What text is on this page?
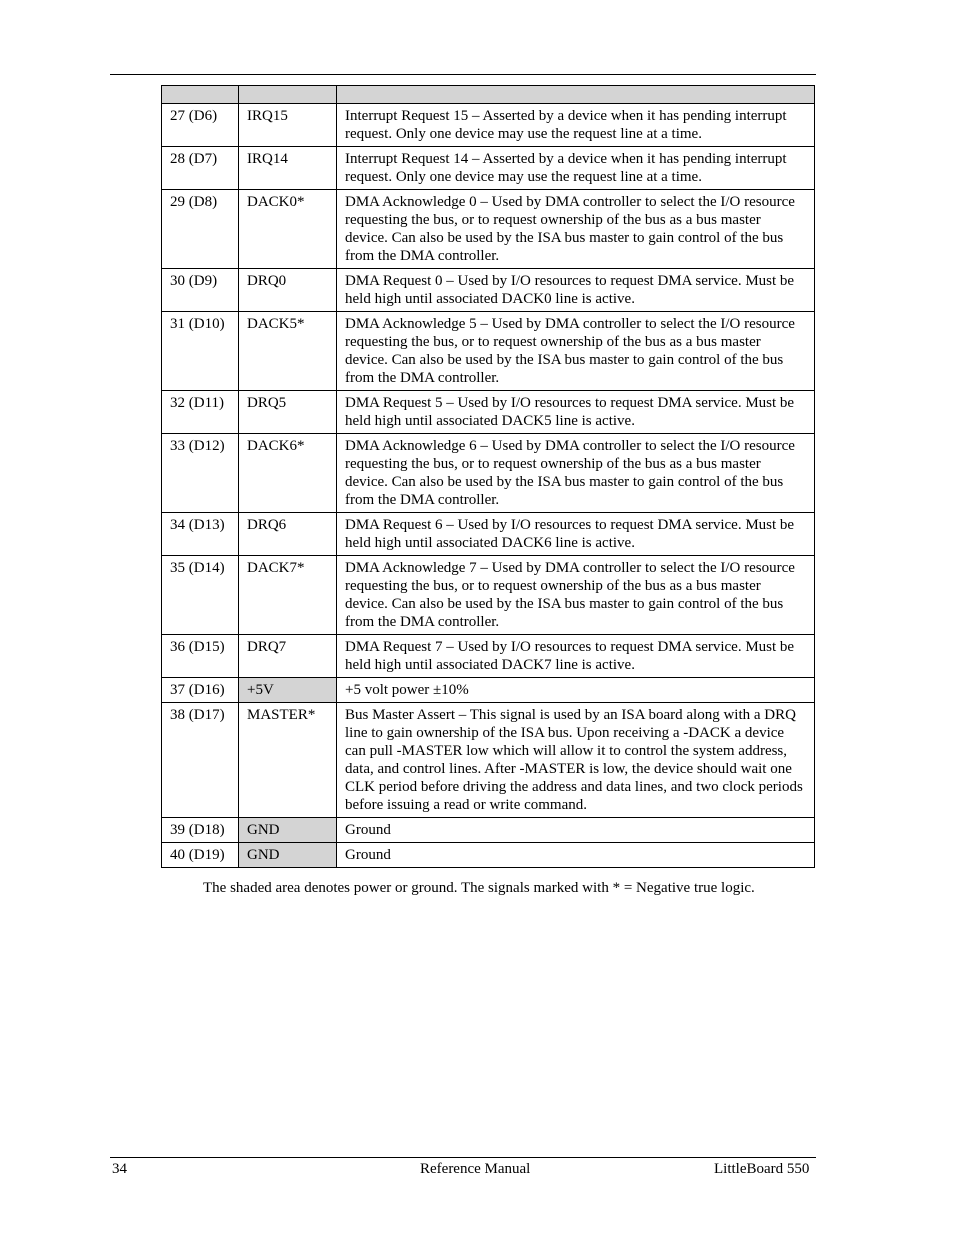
27 (D6)	IRQ15	Interrupt Request 15 – Asserted by a device when it has pending interrupt request. Only one device may use the request line at a time.
28 (D7)	IRQ14	Interrupt Request 14 – Asserted by a device when it has pending interrupt request. Only one device may use the request line at a time.
29 (D8)	DACK0*	DMA Acknowledge 0 – Used by DMA controller to select the I/O resource requesting the bus, or to request ownership of the bus as a bus master device. Can also be used by the ISA bus master to gain control of the bus from the DMA controller.
30 (D9)	DRQ0	DMA Request 0 – Used by I/O resources to request DMA service. Must be held high until associated DACK0 line is active.
31 (D10)	DACK5*	DMA Acknowledge 5 – Used by DMA controller to select the I/O resource requesting the bus, or to request ownership of the bus as a bus master device. Can also be used by the ISA bus master to gain control of the bus from the DMA controller.
32 (D11)	DRQ5	DMA Request 5 – Used by I/O resources to request DMA service. Must be held high until associated DACK5 line is active.
33 (D12)	DACK6*	DMA Acknowledge 6 – Used by DMA controller to select the I/O resource requesting the bus, or to request ownership of the bus as a bus master device. Can also be used by the ISA bus master to gain control of the bus from the DMA controller.
34 (D13)	DRQ6	DMA Request 6 – Used by I/O resources to request DMA service. Must be held high until associated DACK6 line is active.
35 (D14)	DACK7*	DMA Acknowledge 7 – Used by DMA controller to select the I/O resource requesting the bus, or to request ownership of the bus as a bus master device. Can also be used by the ISA bus master to gain control of the bus from the DMA controller.
36 (D15)	DRQ7	DMA Request 7 – Used by I/O resources to request DMA service. Must be held high until associated DACK7 line is active.
37 (D16)	+5V	+5 volt power ±10%
38 (D17)	MASTER*	Bus Master Assert – This signal is used by an ISA board along with a DRQ line to gain ownership of the ISA bus. Upon receiving a -DACK a device can pull -MASTER low which will allow it to control the system address, data, and control lines. After -MASTER is low, the device should wait one CLK period before driving the address and data lines, and two clock periods before issuing a read or write command.
39 (D18)	GND	Ground
40 (D19)	GND	Ground
The shaded area denotes power or ground. The signals marked with * = Negative true logic.
34	Reference Manual	LittleBoard 550
